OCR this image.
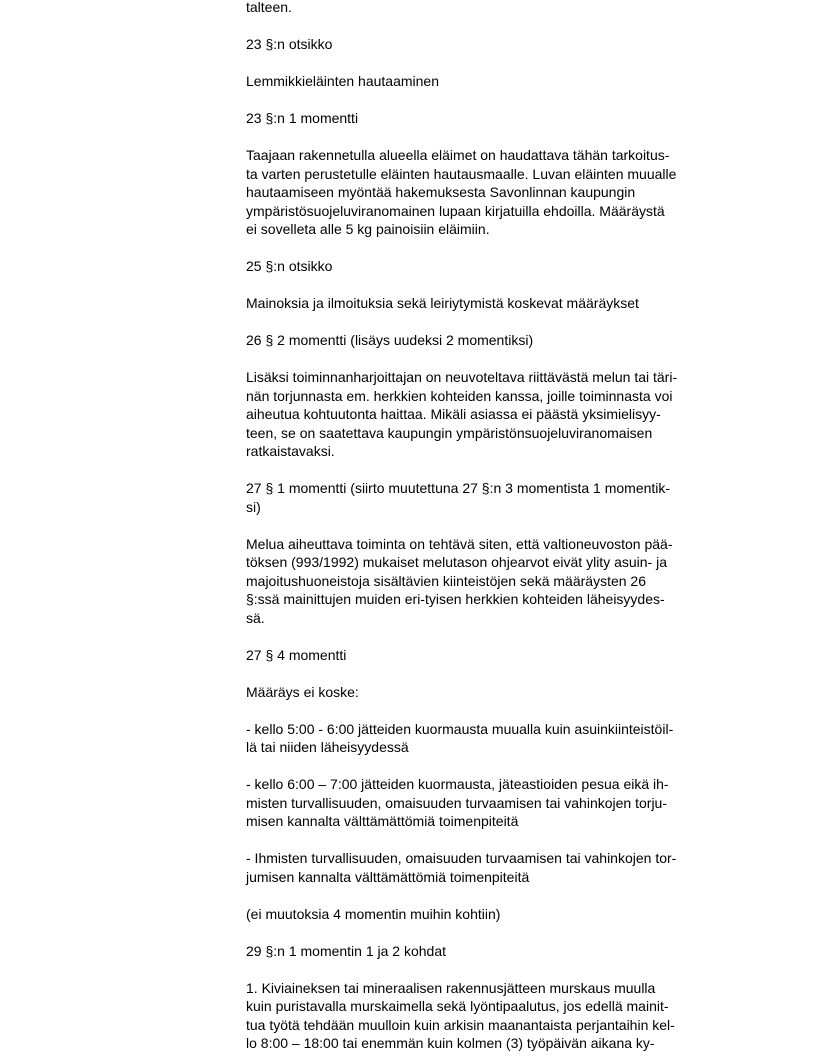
talteen.
23 §:n otsikko
Lemmikkieläinten hautaaminen
23 §:n 1 momentti
Taajaan rakennetulla alueella eläimet on haudattava tähän tarkoitus-
ta varten perustetulle eläinten hautausmaalle. Luvan eläinten muualle
hautaamiseen myöntää hakemuksesta Savonlinnan kaupungin
ympäristösuojeluviranomainen lupaan kirjatuilla ehdoilla. Määräystä
ei sovelleta alle 5 kg painoisiin eläimiin.
25 §:n otsikko
Mainoksia ja ilmoituksia sekä leiriytymistä koskevat määräykset
26 § 2 momentti (lisäys uudeksi 2 momentiksi)
Lisäksi toiminnanharjoittajan on neuvoteltava riittävästä melun tai täri-
nän torjunnasta em. herkkien kohteiden kanssa, joille toiminnasta voi
aiheutua kohtuutonta haittaa. Mikäli asiassa ei päästä yksimielisyy-
teen, se on saatettava kaupungin ympäristönsuojeluviranomaisen
ratkaistavaksi.
27 § 1 momentti (siirto muutettuna 27 §:n 3 momentista 1 momentik-
si)
Melua aiheuttava toiminta on tehtävä siten, että valtioneuvoston pää-
töksen (993/1992) mukaiset melutason ohjearvot eivät ylity asuin- ja
majoitushuoneistoja sisältävien kiinteistöjen sekä määräysten 26
§:ssä mainittujen muiden eri-tyisen herkkien kohteiden läheisyydes-
sä.
27 § 4 momentti
Määräys ei koske:
- kello 5:00 - 6:00 jätteiden kuormausta muualla kuin asuinkiinteistöil-
lä tai niiden läheisyydessä
- kello 6:00 – 7:00 jätteiden kuormausta, jäteastioiden pesua eikä ih-
misten turvallisuuden, omaisuuden turvaamisen tai vahinkojen torju-
misen kannalta välttämättömiä toimenpiteitä
- Ihmisten turvallisuuden, omaisuuden turvaamisen tai vahinkojen tor-
jumisen kannalta välttämättömiä toimenpiteitä
(ei muutoksia 4 momentin muihin kohtiin)
29 §:n 1 momentin 1 ja 2 kohdat
1. Kiviaineksen tai mineraalisen rakennusjätteen murskaus muulla
kuin puristavalla murskaimella sekä lyöntipaalutus, jos edellä mainit-
tua työtä tehdään muulloin kuin arkisin maanantaista perjantaihin kel-
lo 8:00 – 18:00 tai enemmän kuin kolmen (3) työpäivän aikana ky-
